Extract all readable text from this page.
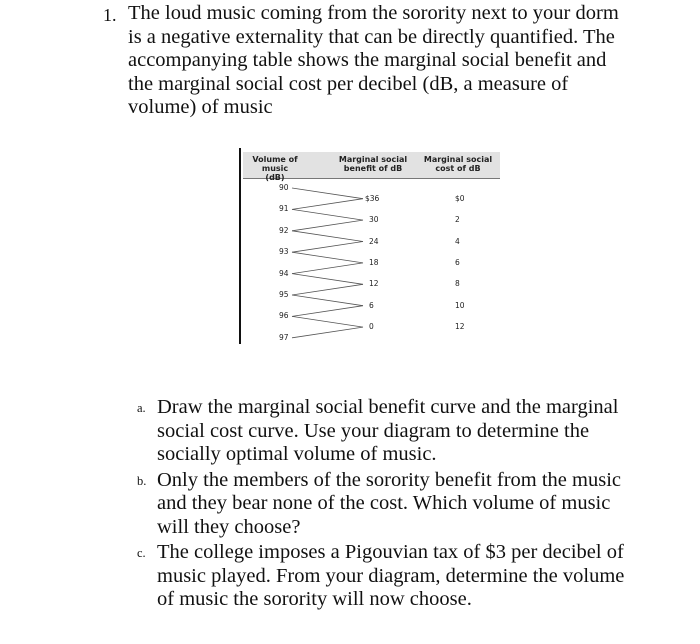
1. The loud music coming from the sorority next to your dorm is a negative externality that can be directly quantified. The accompanying table shows the marginal social benefit and the marginal social cost per decibel (dB, a measure of volume) of music
Volume of music (dB)
Marginal social benefit of dB
Marginal social cost of dB
90
91
92
93
94
95
96
97
$36
30
24
18
12
6
0
$0
2
4
6
8
10
12
a. Draw the marginal social benefit curve and the marginal social cost curve. Use your diagram to determine the socially optimal volume of music.
b. Only the members of the sorority benefit from the music and they bear none of the cost. Which volume of music will they choose?
c. The college imposes a Pigouvian tax of $3 per decibel of music played. From your diagram, determine the volume of music the sorority will now choose.
